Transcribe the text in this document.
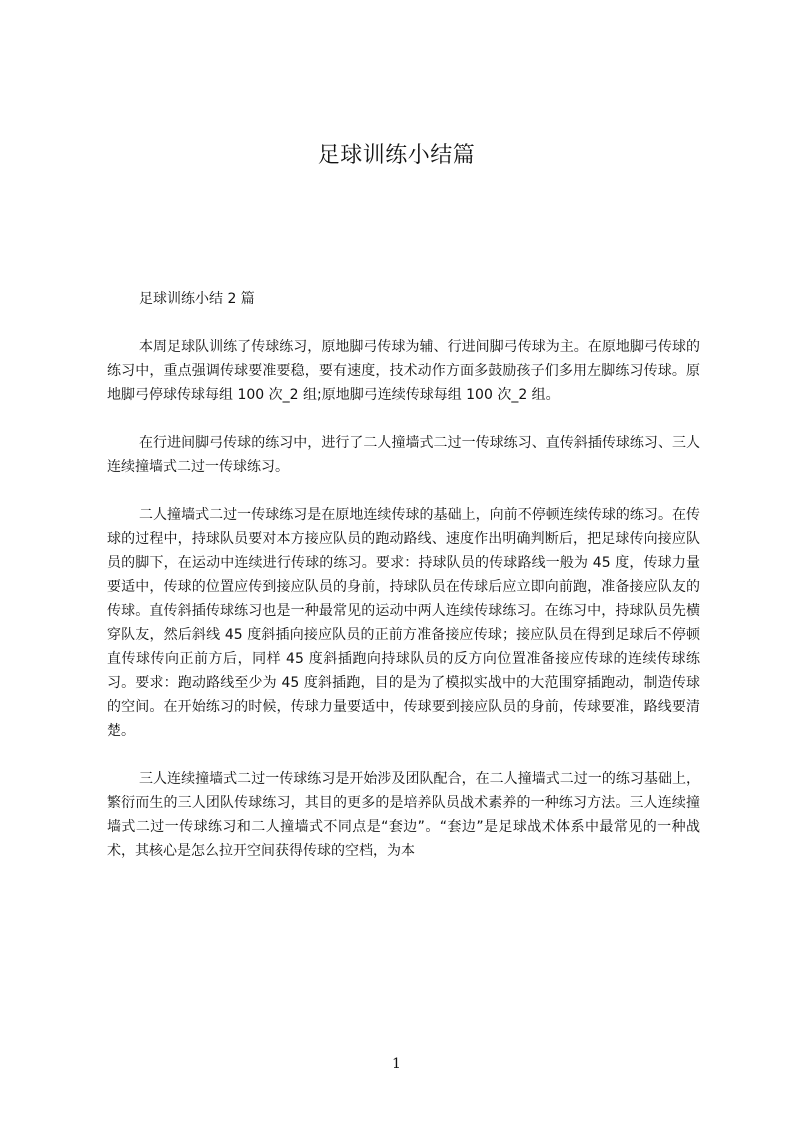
足球训练小结篇

足球训练小结 2 篇

本周足球队训练了传球练习，原地脚弓传球为辅、行进间脚弓传球为主。在原地脚弓传球的练习中，重点强调传球要准要稳，要有速度，技术动作方面多鼓励孩子们多用左脚练习传球。原地脚弓停球传球每组 100 次_2 组;原地脚弓连续传球每组 100 次_2 组。

在行进间脚弓传球的练习中，进行了二人撞墙式二过一传球练习、直传斜插传球练习、三人连续撞墙式二过一传球练习。

二人撞墙式二过一传球练习是在原地连续传球的基础上，向前不停顿连续传球的练习。在传球的过程中，持球队员要对本方接应队员的跑动路线、速度作出明确判断后，把足球传向接应队员的脚下，在运动中连续进行传球的练习。要求：持球队员的传球路线一般为 45 度，传球力量要适中，传球的位置应传到接应队员的身前，持球队员在传球后应立即向前跑，准备接应队友的传球。直传斜插传球练习也是一种最常见的运动中两人连续传球练习。在练习中，持球队员先横穿队友，然后斜线 45 度斜插向接应队员的正前方准备接应传球；接应队员在得到足球后不停顿直传球传向正前方后，同样 45 度斜插跑向持球队员的反方向位置准备接应传球的连续传球练习。要求：跑动路线至少为 45 度斜插跑，目的是为了模拟实战中的大范围穿插跑动，制造传球的空间。在开始练习的时候，传球力量要适中，传球要到接应队员的身前，传球要准，路线要清楚。

三人连续撞墙式二过一传球练习是开始涉及团队配合，在二人撞墙式二过一的练习基础上，繁衍而生的三人团队传球练习，其目的更多的是培养队员战术素养的一种练习方法。三人连续撞墙式二过一传球练习和二人撞墙式不同点是“套边”。“套边”是足球战术体系中最常见的一种战术，其核心是怎么拉开空间获得传球的空档，为本

1
